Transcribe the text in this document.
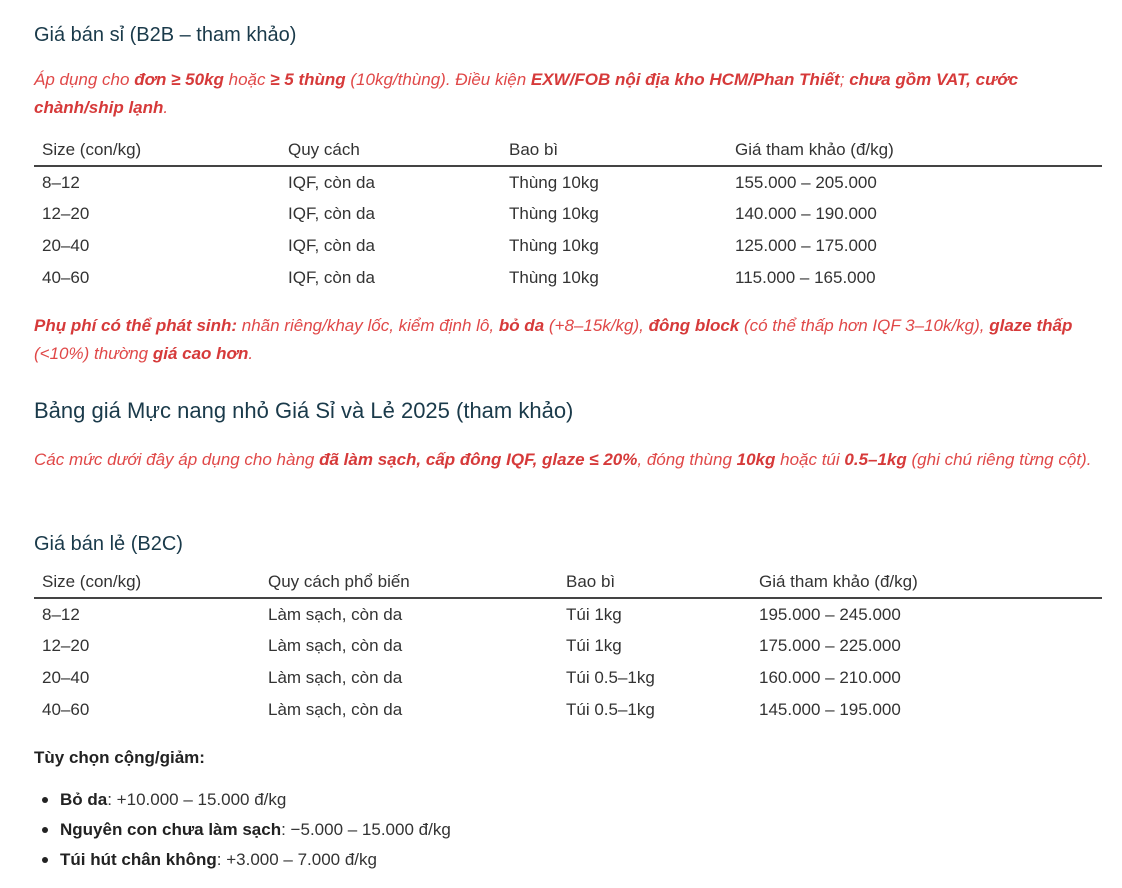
Giá bán sỉ (B2B – tham khảo)

Áp dụng cho đơn ≥ 50kg hoặc ≥ 5 thùng (10kg/thùng). Điều kiện EXW/FOB nội địa kho HCM/Phan Thiết; chưa gồm VAT, cước chành/ship lạnh.

Size (con/kg)	Quy cách	Bao bì	Giá tham khảo (đ/kg)
8–12	IQF, còn da	Thùng 10kg	155.000 – 205.000
12–20	IQF, còn da	Thùng 10kg	140.000 – 190.000
20–40	IQF, còn da	Thùng 10kg	125.000 – 175.000
40–60	IQF, còn da	Thùng 10kg	115.000 – 165.000

Phụ phí có thể phát sinh: nhãn riêng/khay lốc, kiểm định lô, bỏ da (+8–15k/kg), đông block (có thể thấp hơn IQF 3–10k/kg), glaze thấp (<10%) thường giá cao hơn.

Bảng giá Mực nang nhỏ Giá Sỉ và Lẻ 2025 (tham khảo)

Các mức dưới đây áp dụng cho hàng đã làm sạch, cấp đông IQF, glaze ≤ 20%, đóng thùng 10kg hoặc túi 0.5–1kg (ghi chú riêng từng cột).

Giá bán lẻ (B2C)
Size (con/kg)	Quy cách phổ biến	Bao bì	Giá tham khảo (đ/kg)
8–12	Làm sạch, còn da	Túi 1kg	195.000 – 245.000
12–20	Làm sạch, còn da	Túi 1kg	175.000 – 225.000
20–40	Làm sạch, còn da	Túi 0.5–1kg	160.000 – 210.000
40–60	Làm sạch, còn da	Túi 0.5–1kg	145.000 – 195.000

Tùy chọn cộng/giảm:

Bỏ da: +10.000 – 15.000 đ/kg
Nguyên con chưa làm sạch: −5.000 – 15.000 đ/kg
Túi hút chân không: +3.000 – 7.000 đ/kg
